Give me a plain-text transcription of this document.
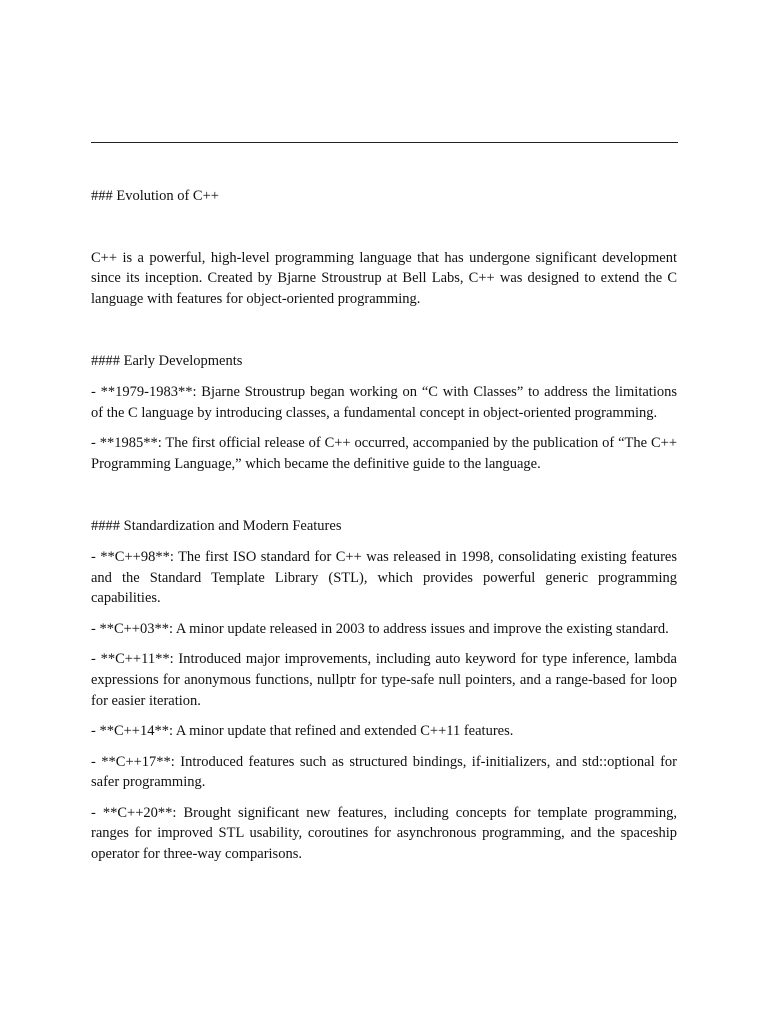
### Evolution of C++

C++ is a powerful, high-level programming language that has undergone significant development since its inception. Created by Bjarne Stroustrup at Bell Labs, C++ was designed to extend the C language with features for object-oriented programming.

#### Early Developments

- **1979-1983**: Bjarne Stroustrup began working on “C with Classes” to address the limitations of the C language by introducing classes, a fundamental concept in object-oriented programming.

- **1985**: The first official release of C++ occurred, accompanied by the publication of “The C++ Programming Language,” which became the definitive guide to the language.

#### Standardization and Modern Features

- **C++98**: The first ISO standard for C++ was released in 1998, consolidating existing features and the Standard Template Library (STL), which provides powerful generic programming capabilities.

- **C++03**: A minor update released in 2003 to address issues and improve the existing standard.

- **C++11**: Introduced major improvements, including auto keyword for type inference, lambda expressions for anonymous functions, nullptr for type-safe null pointers, and a range-based for loop for easier iteration.

- **C++14**: A minor update that refined and extended C++11 features.

- **C++17**: Introduced features such as structured bindings, if-initializers, and std::optional for safer programming.

- **C++20**: Brought significant new features, including concepts for template programming, ranges for improved STL usability, coroutines for asynchronous programming, and the spaceship operator for three-way comparisons.
